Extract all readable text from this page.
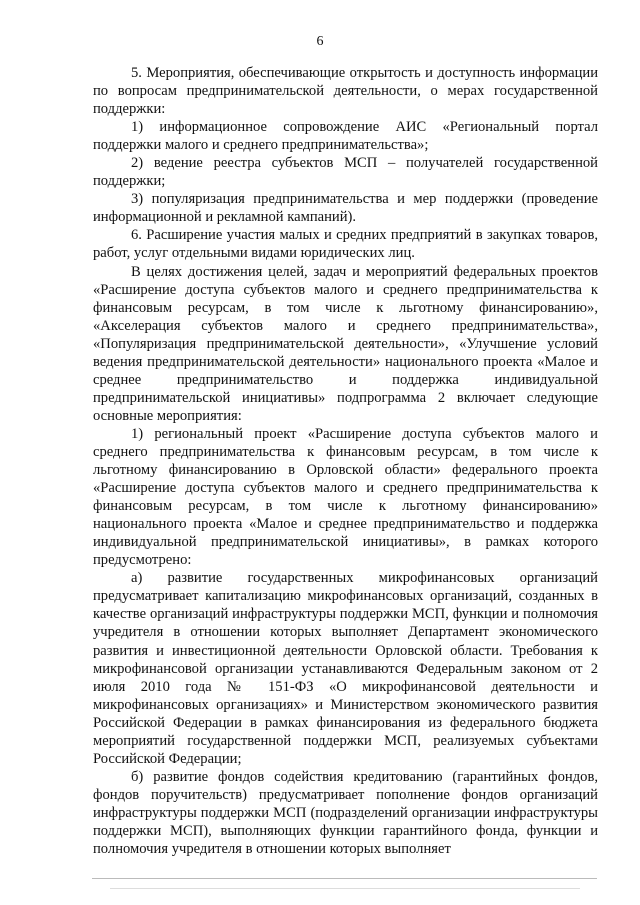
6

5. Мероприятия, обеспечивающие открытость и доступность информации по вопросам предпринимательской деятельности, о мерах государственной поддержки:

1) информационное сопровождение АИС «Региональный портал поддержки малого и среднего предпринимательства»;

2) ведение реестра субъектов МСП – получателей государственной поддержки;

3) популяризация предпринимательства и мер поддержки (проведение информационной и рекламной кампаний).

6. Расширение участия малых и средних предприятий в закупках товаров, работ, услуг отдельными видами юридических лиц.

В целях достижения целей, задач и мероприятий федеральных проектов «Расширение доступа субъектов малого и среднего предпринимательства к финансовым ресурсам, в том числе к льготному финансированию», «Акселерация субъектов малого и среднего предпринимательства», «Популяризация предпринимательской деятельности», «Улучшение условий ведения предпринимательской деятельности» национального проекта «Малое и среднее предпринимательство и поддержка индивидуальной предпринимательской инициативы» подпрограмма 2 включает следующие основные мероприятия:

1) региональный проект «Расширение доступа субъектов малого и среднего предпринимательства к финансовым ресурсам, в том числе к льготному финансированию в Орловской области» федерального проекта «Расширение доступа субъектов малого и среднего предпринимательства к финансовым ресурсам, в том числе к льготному финансированию» национального проекта «Малое и среднее предпринимательство и поддержка индивидуальной предпринимательской инициативы», в рамках которого предусмотрено:

а) развитие государственных микрофинансовых организаций предусматривает капитализацию микрофинансовых организаций, созданных в качестве организаций инфраструктуры поддержки МСП, функции и полномочия учредителя в отношении которых выполняет Департамент экономического развития и инвестиционной деятельности Орловской области. Требования к микрофинансовой организации устанавливаются Федеральным законом от 2 июля 2010 года № 151-ФЗ «О микрофинансовой деятельности и микрофинансовых организациях» и Министерством экономического развития Российской Федерации в рамках финансирования из федерального бюджета мероприятий государственной поддержки МСП, реализуемых субъектами Российской Федерации;

б) развитие фондов содействия кредитованию (гарантийных фондов, фондов поручительств) предусматривает пополнение фондов организаций инфраструктуры поддержки МСП (подразделений организации инфраструктуры поддержки МСП), выполняющих функции гарантийного фонда, функции и полномочия учредителя в отношении которых выполняет
